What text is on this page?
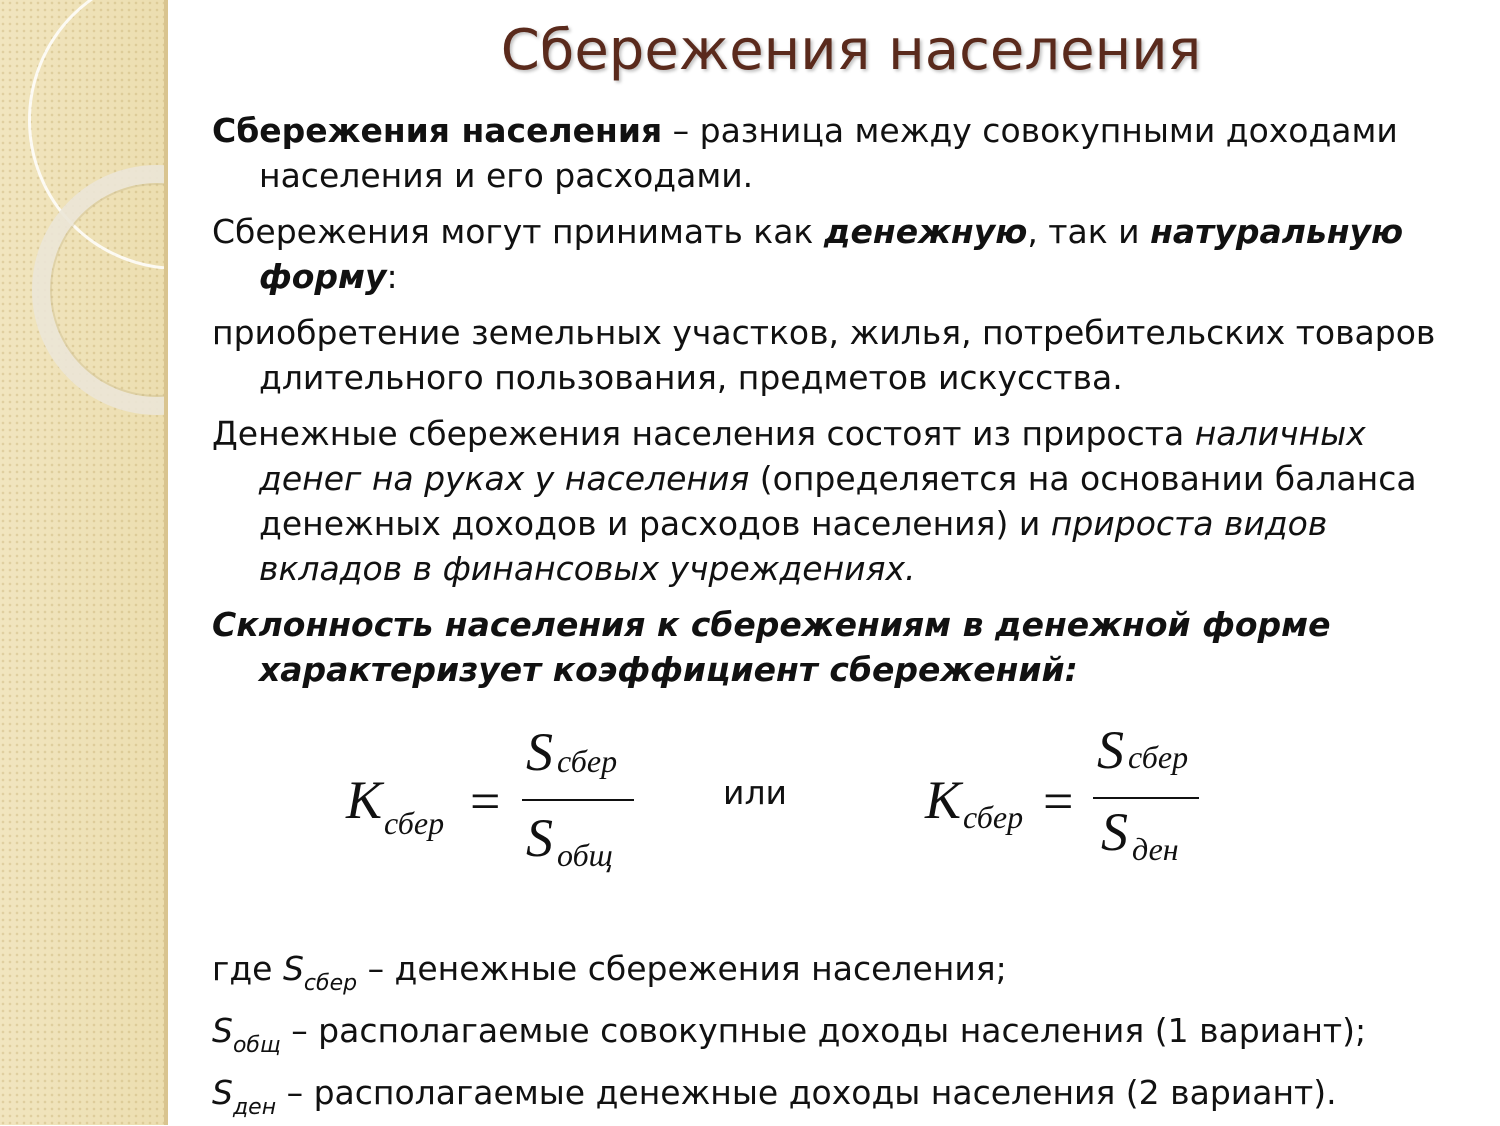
Сбережения населения

Сбережения населения – разница между совокупными доходами населения и его расходами.

Сбережения могут принимать как денежную, так и натуральную форму:

приобретение земельных участков, жилья, потребительских товаров длительного пользования, предметов искусства.

Денежные сбережения населения состоят из прироста наличных денег на руках у населения (определяется на основании баланса денежных доходов и расходов населения) и прироста видов вкладов в финансовых учреждениях.

Склонность населения к сбережениям в денежной форме характеризует коэффициент сбережений:

K сбер =
Sсбер
Sобщ
или	K сбер =
Sсбер
Sден

где $S_{сбер}$ – денежные сбережения населения;

$S_{общ}$ – располагаемые совокупные доходы населения (1 вариант);

$S_{ден}$ – располагаемые денежные доходы населения (2 вариант).
